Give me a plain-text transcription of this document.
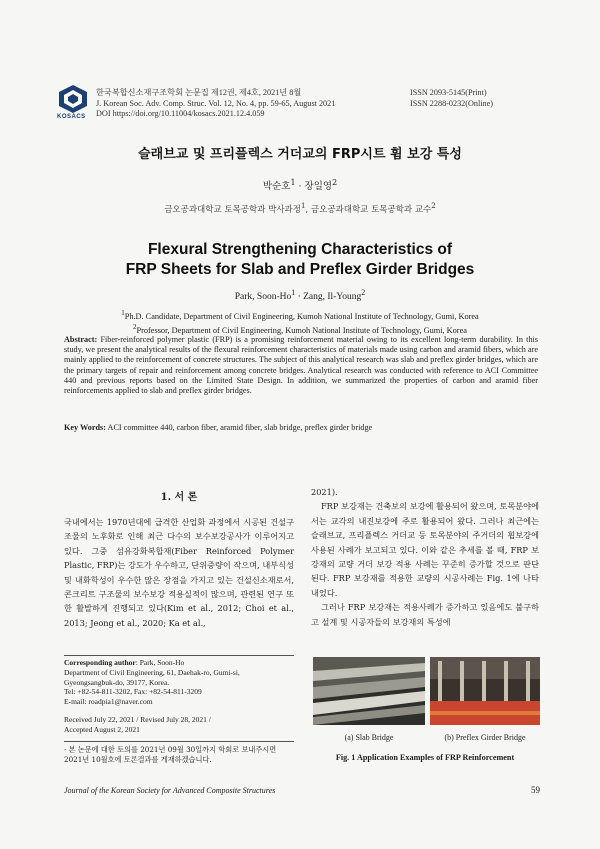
KOSACS
한국복합신소재구조학회 논문집 제12권, 제4호, 2021년 8월
J. Korean Soc. Adv. Comp. Struc. Vol. 12, No. 4, pp. 59-65, August 2021
DOI https://doi.org/10.11004/kosacs.2021.12.4.059
ISSN 2093-5145(Print)
ISSN 2288-0232(Online)
슬래브교 및 프리플렉스 거더교의 FRP시트 휨 보강 특성
박순호$^1$ · 장일영$^2$
금오공과대학교 토목공학과 박사과정$^1$, 금오공과대학교 토목공학과 교수$^2$
Flexural Strengthening Characteristics of
FRP Sheets for Slab and Preflex Girder Bridges
Park, Soon-$Ho^1$ · Zang, Il-Young$^2$
$^1$Ph.D. Candidate, Department of Civil Engineering, Kumoh National Institute of Technology, Gumi, Korea
$^2$Professor, Department of Civil Engineering, Kumoh National Institute of Technology, Gumi, Korea
Abstract: Fiber-reinforced polymer plastic (FRP) is a promising reinforcement material owing to its excellent long-term durability. In this study, we present the analytical results of the flexural reinforcement characteristics of materials made using carbon and aramid fibers, which are mainly applied to the reinforcement of concrete structures. The subject of this analytical research was slab and preflex girder bridges, which are the primary targets of repair and reinforcement among concrete bridges. Analytical research was conducted with reference to ACI Committee 440 and previous reports based on the Limited State Design. In addition, we summarized the properties of carbon and aramid fiber reinforcements applied to slab and preflex girder bridges.
Key Words: ACI committee 440, carbon fiber, aramid fiber, slab bridge, preflex girder bridge
1. 서 론
국내에서는 1970년대에 급격한 산업화 과정에서 시공된 건설구조물의 노후화로 인해 최근 다수의 보수보강공사가 이루어지고 있다. 그중 섬유강화복합재(Fiber Reinforced Polymer Plastic, FRP)는 강도가 우수하고, 단위중량이 작으며, 내부식성 및 내화학성이 우수한 많은 장점을 가지고 있는 건설신소재로서, 콘크리트 구조물의 보수보강 적용실적이 많으며, 관련된 연구 또한 활발하게 진행되고 있다(Kim et al., 2012; Choi et al., 2013; Jeong et al., 2020; Ka et al.,
2021).
FRP 보강재는 건축보의 보강에 활용되어 왔으며, 토목분야에서는 교각의 내진보강에 주로 활용되어 왔다. 그러나 최근에는 슬래브교, 프리플렉스 거더교 등 토목분야의 주거더의 휨보강에 사용된 사례가 보고되고 있다. 이와 같은 추세를 볼 때, FRP 보강재의 교량 거더 보강 적용 사례는 꾸준히 증가할 것으로 판단된다. FRP 보강재를 적용한 교량의 시공사례는 Fig. 1에 나타내었다.
그러나 FRP 보강재는 적용사례가 증가하고 있음에도 불구하고 설계 및 시공자들의 보강재의 특성에
Corresponding author: Park, Soon-Ho
Department of Civil Engineering, 61, Daehak-ro, Gumi-si,
Gyeongsangbuk-do, 39177, Korea.
Tel: +82-54-811-3202, Fax: +82-54-811-3209
E-mail: roadpia1@naver.com
Received July 22, 2021 / Revised July 28, 2021 /
Accepted August 2, 2021
· 본 논문에 대한 토의를 2021년 09월 30일까지 학회로 보내주시면 2021년 10월호에 토론결과를 게재하겠습니다.
(a) Slab Bridge	(b) Preflex Girder Bridge
Fig. 1 Application Examples of FRP Reinforcement
Journal of the Korean Society for Advanced Composite Structures	59
